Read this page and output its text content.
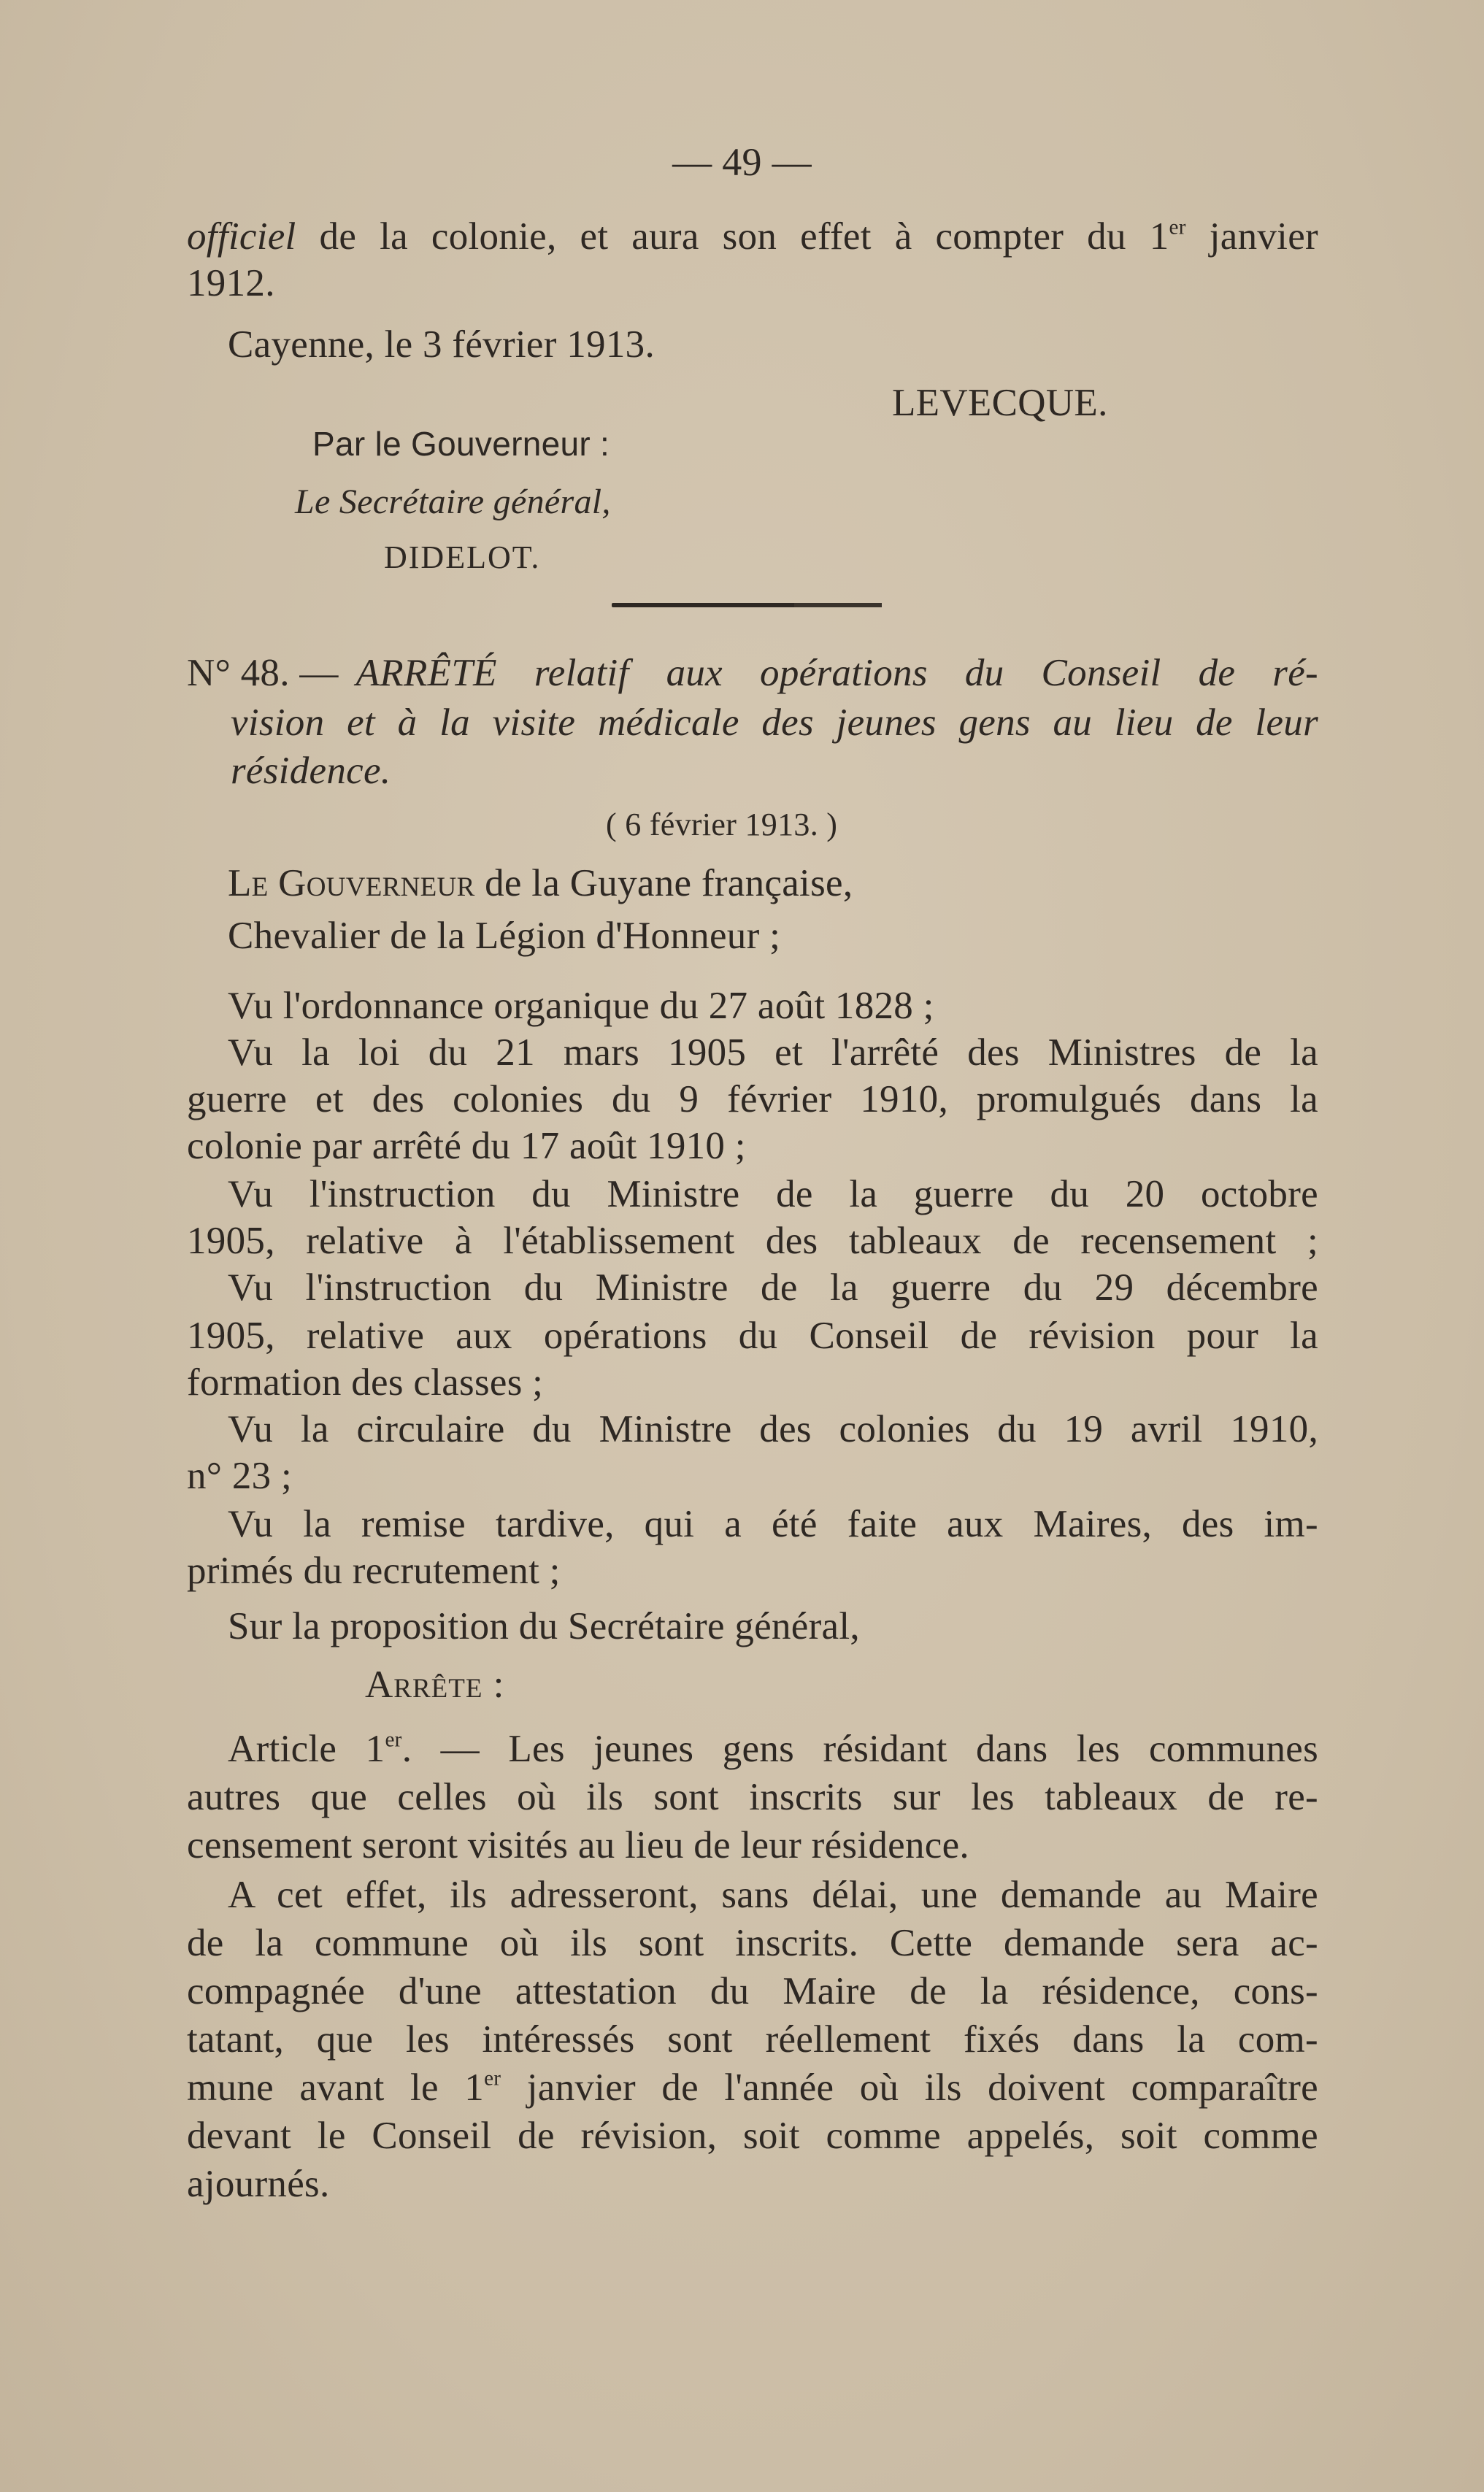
— 49 —
officiel de la colonie, et aura son effet à compter du 1er janvier
1912.
Cayenne, le 3 février 1913.
LEVECQUE.
Par le Gouverneur :
Le Secrétaire général,
DIDELOT.
N° 48. — ARRÊTÉ relatif aux opérations du Conseil de ré-
vision et à la visite médicale des jeunes gens au lieu de leur
résidence.
( 6 février 1913. )
Le Gouverneur de la Guyane française,
Chevalier de la Légion d'Honneur ;
Vu l'ordonnance organique du 27 août 1828 ;
Vu la loi du 21 mars 1905 et l'arrêté des Ministres de la
guerre et des colonies du 9 février 1910, promulgués dans la
colonie par arrêté du 17 août 1910 ;
Vu l'instruction du Ministre de la guerre du 20 octobre
1905, relative à l'établissement des tableaux de recensement ;
Vu l'instruction du Ministre de la guerre du 29 décembre
1905, relative aux opérations du Conseil de révision pour la
formation des classes ;
Vu la circulaire du Ministre des colonies du 19 avril 1910,
n° 23 ;
Vu la remise tardive, qui a été faite aux Maires, des im-
primés du recrutement ;
Sur la proposition du Secrétaire général,
Arrête :
Article 1er. — Les jeunes gens résidant dans les communes
autres que celles où ils sont inscrits sur les tableaux de re-
censement seront visités au lieu de leur résidence.
A cet effet, ils adresseront, sans délai, une demande au Maire
de la commune où ils sont inscrits. Cette demande sera ac-
compagnée d'une attestation du Maire de la résidence, cons-
tatant, que les intéressés sont réellement fixés dans la com-
mune avant le 1er janvier de l'année où ils doivent comparaître
devant le Conseil de révision, soit comme appelés, soit comme
ajournés.
